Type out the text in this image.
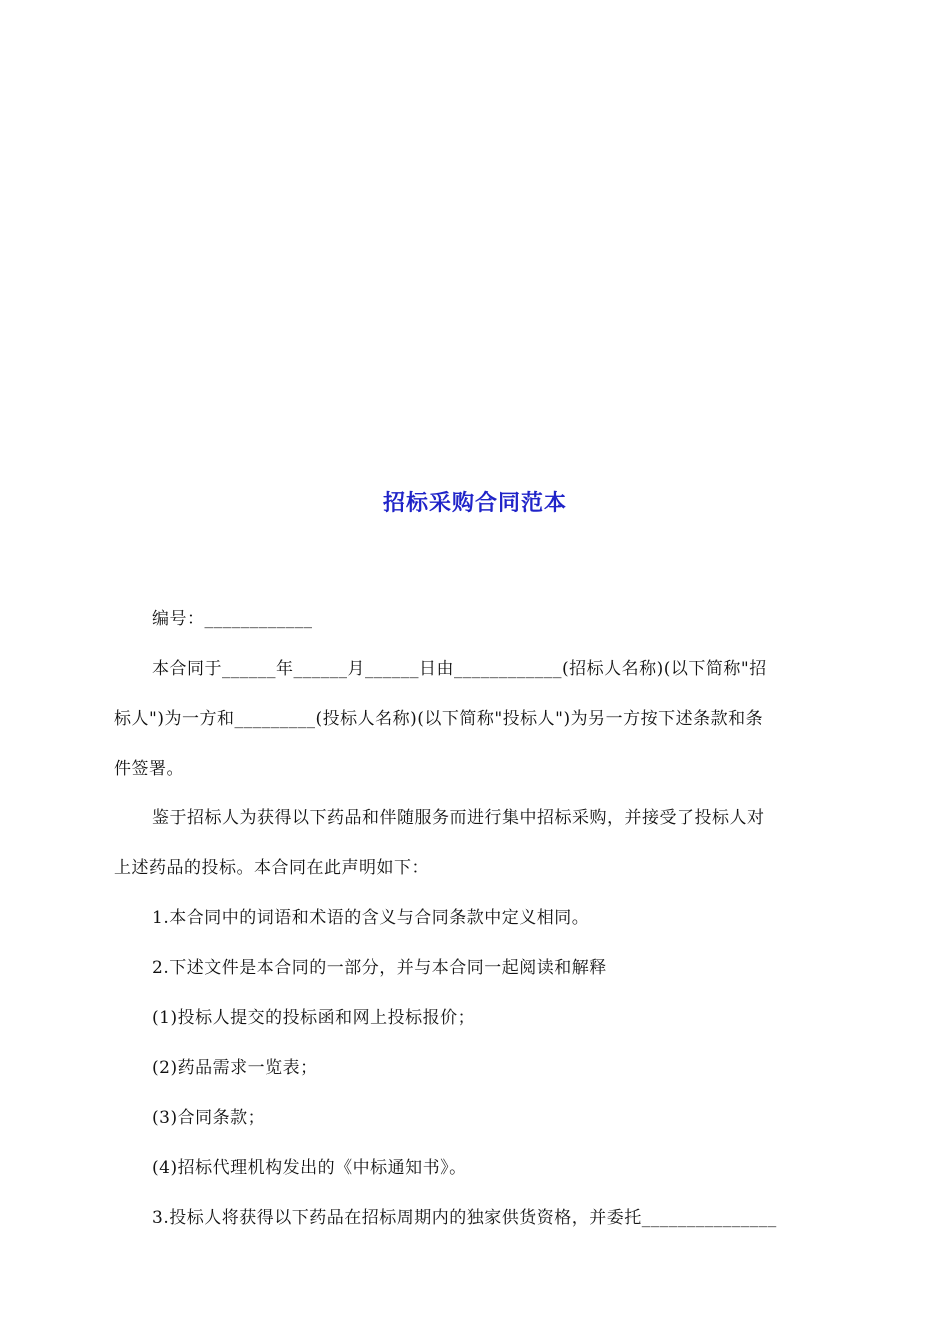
招标采购合同范本
编号：____________
本合同于______年______月______日由____________(招标人名称)(以下简称"招
标人")为一方和_________(投标人名称)(以下简称"投标人")为另一方按下述条款和条
件签署。
鉴于招标人为获得以下药品和伴随服务而进行集中招标采购，并接受了投标人对
上述药品的投标。本合同在此声明如下：
1.本合同中的词语和术语的含义与合同条款中定义相同。
2.下述文件是本合同的一部分，并与本合同一起阅读和解释
(1)投标人提交的投标函和网上投标报价；
(2)药品需求一览表；
(3)合同条款；
(4)招标代理机构发出的《中标通知书》。
3.投标人将获得以下药品在招标周期内的独家供货资格，并委托_______________
